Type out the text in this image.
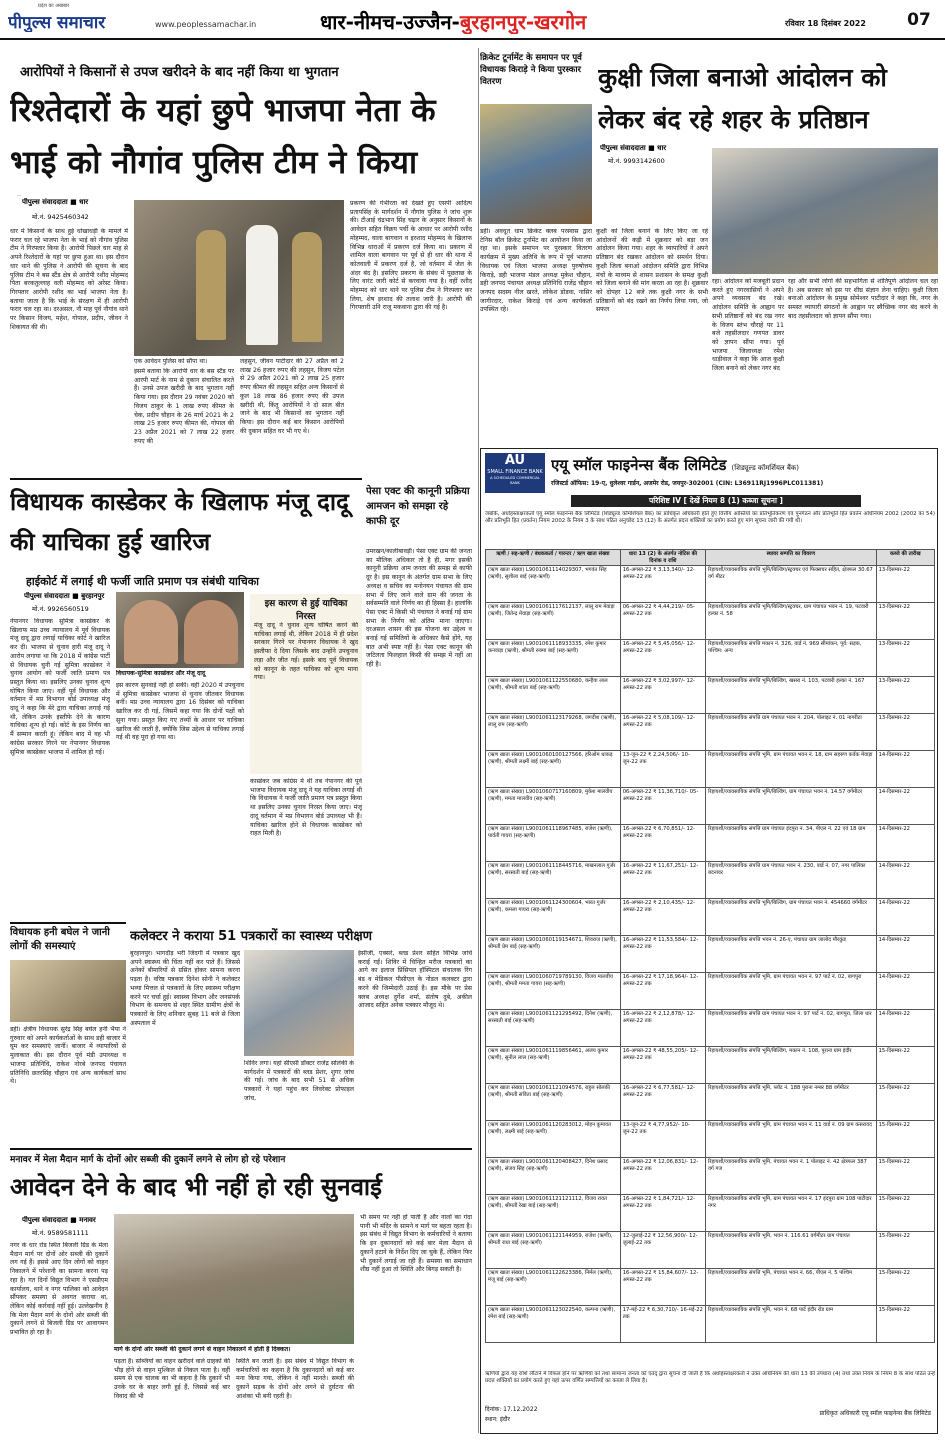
प्रदेश का अखबार
पीपुल्स समाचार	www.peoplessamachar.in	धार-नीमच-उज्जैन-बुरहानपुर-खरगोन	रविवार 18 दिसंबर 2022	07
आरोपियों ने किसानों से उपज खरीदने के बाद नहीं किया था भुगतान
रिश्तेदारों के यहां छुपे भाजपा नेता के भाई को नौगांव पुलिस टीम ने किया
पीपुल्स संवाददाता ■ धार
मो.नं. 9425460342
धार में किसानों के साथ हुई धोखाधड़ी के मामले में फरार चल रहे भाजपा नेता के भाई को नौगांव पुलिस टीम ने गिरफ्तार किया है। आरोपी पिछले चार माह से अपने रिश्तेदारों के यहां पर छुपा हुआ था। इस दौरान धार थाने की पुलिस ने आरोपी की सूचना के बाद पुलिस टीम ने बस स्टैंड क्षेत्र से आरोपी रशीद मोहम्मद पिता बरकतुल्लाह वली मोहम्मद को अरेस्ट किया। गिरफ्तार आरोपी रशीद का भाई भाजपा नेता है। बताया जाता है कि भाई के संरक्षण में ही आरोपी फरार चल रहा था। दरअसल, नौ माह पूर्व नौगांव थाने पर किसान विजय, महेश, गोपाल, प्रदीप, जीवन ने शिकायत की थी।
एक आवेदन पुलिस को सौंपा था।
इसमें बताया कि आरोपी धार के बस स्टैंड पर आरपी मार्ट के नाम से दुकान संचालित करते हैं। उनसे उपज खरीदी के बाद भुगतान नहीं किया गया। इस दौरान 29 नवंबर 2020 को विजय ठाकुर के 1 लाख रुपए कीमत के चेक, प्रदीप चौहान के 26 मार्च 2021 के 2 लाख 25 हजार रुपए कीमत की, गोपाल की 23 अप्रैल 2021 को 7 लाख 22 हजार रुपए की
लहसुन, जीवन पाटीदार की 27 अप्रैल को 2 लाख 26 हजार रुपए की लहसुन, विजय पटेल से 29 अप्रैल 2021 को 2 लाख 25 हजार रुपए कीमत की लहसुन सहित अन्य किसानों से कुल 18 लाख 86 हजार रुपए की उपज खरीदी थी, किंतु आरोपियों ने दो साल बीत जाने के बाद भी किसानों का भुगतान नहीं किया। इस दौरान कई बार किसान आरोपियों की दुकान सहित घर भी गए थे।
प्रकरण की गंभीरता को देखते हुए एसपी आदित्य प्रतापसिंह के मार्गदर्शन में नौगांव पुलिस ने जांच शुरू की। टीआई चंद्रभान सिंह चढ़ार के अनुसार किसानों के आवेदन सहित विक्रय पर्ची के आधार पर आरोपी रशीद मोहम्मद, वाला बागवान व इरशाद मोहम्मद के खिलाफ विभिन्न धाराओं में प्रकरण दर्ज किया था। प्रकरण में शामिल वाला बागवान पर पूर्व से ही धार की थाना में कोतवाली में प्रकरण दर्ज है, जो वर्तमान में जेल के अंदर बंद है। इसलिए प्रकरण के संबंध में पूछताछ के लिए वारंट जारी कोर्ट से करवाया गया है। वहीं रशीद मोहम्मद को धार थाने पर पुलिस टीम ने गिरफ्तार कर लिया, शेष इरशाद की तलाश जारी है। आरोपी की गिरफ्तारी उनि राजू मकवाना द्वारा की गई है।
क्रिकेट टूर्नामेंट के समापन पर पूर्व विधायक किराड़े ने किया पुरस्कार वितरण	कुक्षी जिला बनाओ आंदोलन को लेकर बंद रहे शहर के प्रतिष्ठान
पीपुल्स संवाददाता ■ धार
मो.नं. 9993142600
डही। अवधूत धाम क्रिकेट क्लब परस्वास द्वारा टेनिस बॉल क्रिकेट टूर्नामेंट का आयोजन किया जा रहा था। इसके समापन पर पुरस्कार वितरण कार्यक्रम में मुख्य अतिथि के रूप में पूर्व भाजपा विधायक एवं जिला भाजपा अध्यक्ष पुरुषोत्तम किराड़े, डही भाजपा मंडल अध्यक्ष मुकेश चौहान, डही जनपद पंचायत अध्यक्ष प्रतिनिधि राजेंद्र चौहान जनपद सदस्य नील खरते, लोकेश डोडवा, नासिर जागीरदार, राकेश किराड़े एवं अन्य कार्यकर्ता उपस्थित रहे।
कुक्षी को जिला बनाने के लिए किए जा रहे आंदोलनों की कड़ी में शुक्रवार को बड़ा जन आंदोलन किया गया। शहर के व्यापारियों ने अपने प्रतिष्ठान बंद रखकर आंदोलन को समर्थन दिया। कुक्षी जिला बनाओ आंदोलन समिति द्वारा विभिन्न मंचों के माध्यम से शासन प्रशासन के समक्ष कुक्षी को जिला बनाने की मांग करता आ रहा है। शुक्रवार को दोपहर 12 बजे तक कुक्षी नगर के सभी प्रतिष्ठानों को बंद रखने का निर्णय लिया गया, जो सफल
रहा। आंदोलन को मजबूती प्रदान करते हुए नगरवासियों ने अपने अपने व्यवसाय बंद रखे। आंदोलन समिति के आह्वान पर सभी प्रतिष्ठानों को बंद रख नगर के विजय स्तंभ चौराहे पर 11 बजे तहसीलदार गणपत डावर को ज्ञापन सौंपा गया। पूर्व भाजपा जिलाध्यक्ष रमेश धाड़ीवाल ने कहा कि आज कुक्षी जिला बनाने को लेकर नगर बंद
रहा और सभी लोगों की सहभागिता से शांतिपूर्ण आंदोलन चल रहा है। अब सरकार को इस पर शीघ्र संज्ञान लेना चाहिए। कुक्षी जिला बनाओ आंदोलन के प्रमुख सोमेश्वर पाटीदार ने कहा कि, नगर के समस्त व्यापारी संगठनों के आह्वान पर स्वैच्छिक नगर बंद करने के बाद तहसीलदार को ज्ञापन सौंपा गया।
AU
SMALL FINANCE BANK
A SCHEDULED COMMERCIAL BANK
एयू स्मॉल फाइनेन्स बैंक लिमिटेड (शिड्यूल्ड कॉमर्शियल बैंक)
रजिस्टर्ड ऑफिस: 19-ए, धुलेश्वर गार्डन, अजमेर रोड, जयपुर-302001 (CIN: L36911RJ1996PLC011381)
परिशिष्ट IV [ देखें नियम 8 (1) कब्जा सूचना ]
जबकि, अधोहस्ताक्षरकर्ता एयू स्मॉल फाइनेन्स बैंक लिमिटेड (शिड्यूल्ड कॉमर्शियल बैंक) का प्राधिकृत अधिकारी होते हुए वित्तीय आस्तियों का प्रतिभूतिकरण एवं पुनर्गठन और प्रतिभूति हित प्रवर्तन अधिनियम 2002 (2002 का 54) और प्रतिभूति हित (प्रवर्तन) नियम 2002 के नियम 3 के साथ पठित अनुच्छेद 13 (12) के अंतर्गत प्रदत्त शक्तियों का प्रयोग करते हुए मांग सूचना जारी की गयी थी।
ऋणी / सह-ऋणी / बंधककर्ता / गारन्टर / ऋण खाता संख्या	धारा 13 (2) के अंतर्गत नोटिस की दिनांक व राशि	स्थावर सम्पत्ति का विवरण	कब्जे की तारीख
(ऋण खाता संख्या) L9001061114029307, भगवंत सिंह (ऋणी), सुशीला बाई (सह-ऋणी)	16-अगस्त-22 ₹ 3,13,340/- 12-अगस्त-22 तक	रिहायशी/व्यावसायिक संपत्ति भूमि/बिल्डिंग/स्ट्रक्चर एवं फिक्सचर सहित, क्षेत्रफल 30.67 वर्ग मीटर	13-दिसम्बर-22
(ऋण खाता संख्या) L9001061117612137, लालू राम मेवाड़ा (ऋणी), जितेन्द्र मेवाड़ा (सह-ऋणी)	06-अगस्त-22 ₹ 4,44,219/- 05-अगस्त-22 तक	रिहायशी/व्यावसायिक संपत्ति भूमि/बिल्डिंग/स्ट्रक्चर, ग्राम पंचायत भवन नं. 19, पटवारी हल्का नं. 58	13-दिसम्बर-22
(ऋण खाता संख्या) L9001061118933335, रमेश कुमार कनवाड़ा (ऋणी), श्रीमती रुक्मा बाई (सह-ऋणी)	16-अगस्त-22 ₹ 5,45,056/- 12-अगस्त-22 तक	रिहायशी/व्यावसायिक संपत्ति मकान नं. 326, वार्ड नं. 969 सीमांकन, पूर्व: सड़क, पश्चिम: अन्य	13-दिसम्बर-22
(ऋण खाता संख्या) L9001061122550680, कन्हैया लाल (ऋणी), श्रीमती शांता बाई (सह-ऋणी)	16-अगस्त-22 ₹ 3,02,997/- 12-अगस्त-22 तक	रिहायशी/व्यावसायिक संपत्ति भूमि/बिल्डिंग, खसरा नं. 103, पटवारी हल्का नं. 167	13-दिसम्बर-22
(ऋण खाता संख्या) L9001061123179268, जगदीश (ऋणी), लालू राम (सह-ऋणी)	16-अगस्त-22 ₹ 5,08,109/- 12-अगस्त-22 तक	रिहायशी/व्यावसायिक संपत्ति ग्राम पंचायत भवन नं. 204, पोलाइट नं. 01 नागरीटा	13-दिसम्बर-22
(ऋण खाता संख्या) L9001060100127566, हरिओम धाकड़ (ऋणी), श्रीमती लक्ष्मी बाई (सह-ऋणी)	13-जून-22 ₹ 2,24,506/- 10-जून-22 तक	रिहायशी/व्यावसायिक संपत्ति भूमि, ग्राम पंचायत भवन नं. 18, ग्राम सहरुण कर्वक मेवाड़ा	14-दिसम्बर-22
(ऋण खाता संख्या) L9001060717160809, मुकेश मालवीय (ऋणी), ममता मालवीय (सह-ऋणी)	06-अगस्त-22 ₹ 11,36,710/- 05-अगस्त-22 तक	रिहायशी/व्यावसायिक संपत्ति भूमि/बिल्डिंग, ग्राम पंचायत भवन नं. 14.57 वर्गमीटर	14-दिसम्बर-22
(ऋण खाता संख्या) L9001061118967485, राजेश (ऋणी), पार्वती गायरा (सह-ऋणी)	16-अगस्त-22 ₹ 6,70,851/- 12-अगस्त-22 तक	रिहायशी/व्यावसायिक संपत्ति ग्राम पंचायत इंदपुरा नं. 34, पीएल नं. 22 एवं 18 ग्राम	14-दिसम्बर-22
(ऋण खाता संख्या) L9001061118445716, माखनलाल गुर्जर (ऋणी), सरस्वती बाई (सह-ऋणी)	16-अगस्त-22 ₹ 11,67,251/- 12-अगस्त-22 तक	रिहायशी/व्यावसायिक संपत्ति ग्राम पंचायत भवन नं. 230, वार्ड नं. 07, नगर पालिका बदनावर	14-दिसम्बर-22
(ऋण खाता संख्या) L9001061124300604, भारत गुर्जर (ऋणी), कमला गायरा (सह-ऋणी)	16-अगस्त-22 ₹ 2,10,435/- 12-अगस्त-22 तक	रिहायशी/व्यावसायिक संपत्ति भूमि/बिल्डिंग, ग्राम पंचायत भवन नं. 454660 वर्गमीटर	14-दिसम्बर-22
(ऋण खाता संख्या) L9001060119154671, शिवराज (ऋणी), श्रीमती प्रेम बाई (सह-ऋणी)	16-अगस्त-22 ₹ 11,53,584/- 12-अगस्त-22 तक	रिहायशी/व्यावसायिक संपत्ति भवन नं. 26-ए, पंचायत ग्राम जालोद मौरकुंड	14-दिसम्बर-22
(ऋण खाता संख्या) L9001060719789130, विजय मालवीय (ऋणी), श्रीमती ममता गायरा (सह-ऋणी)	16-अगस्त-22 ₹ 17,18,964/- 12-अगस्त-22 तक	रिहायशी/व्यावसायिक संपत्ति भूमि, ग्राम पंचायत भवन नं. 97 पार्ट नं. 02, बागपुरा	14-दिसम्बर-22
(ऋण खाता संख्या) L9001061121295492, दिनेश (ऋणी), सरस्वती बाई (सह-ऋणी)	16-अगस्त-22 ₹ 2,12,878/- 12-अगस्त-22 तक	रिहायशी/व्यावसायिक संपत्ति ग्राम पंचायत भवन नं. 97 पार्ट नं. 02, बागपुरा, जिला धार	14-दिसम्बर-22
(ऋण खाता संख्या) L9001061119856461, अजय कुमार (ऋणी), सुनील लाल (सह-ऋणी)	16-अगस्त-22 ₹ 48,55,205/- 12-अगस्त-22 तक	रिहायशी/व्यावसायिक संपत्ति भूमि/बिल्डिंग, मकान नं. 108, पुराना ग्राम इंदौर	15-दिसम्बर-22
(ऋण खाता संख्या) L9001061121094576, राहुल सोलंकी (ऋणी), श्रीमती सविता बाई (सह-ऋणी)	16-अगस्त-22 ₹ 6,77,581/- 12-अगस्त-22 तक	रिहायशी/व्यावसायिक संपत्ति भूमि, प्लॉट नं. 188 पुराना नम्बर 88 वर्गमीटर	15-दिसम्बर-22
(ऋण खाता संख्या) L9001061120283012, मोहन कुमावत (ऋणी), लक्ष्मी बाई (सह-ऋणी)	13-जून-22 ₹ 4,77,952/- 10-जून-22 तक	रिहायशी/व्यावसायिक संपत्ति भूमि, ग्राम पंचायत भवन नं. 11 वार्ड नं. 09 ग्राम कसरावद	15-दिसम्बर-22
(ऋण खाता संख्या) L9001061120408427, दिनेश प्रसाद (ऋणी), संजय सिंह (सह-ऋणी)	16-अगस्त-22 ₹ 12,06,831/- 12-अगस्त-22 तक	रिहायशी/व्यावसायिक संपत्ति भूमि, पंचायत भवन नं. 1 पोलाइट नं. 42 क्षेत्रफल 387 वर्ग गज	15-दिसम्बर-22
(ऋण खाता संख्या) L9001061121121112, विजय रावत (ऋणी), श्रीमती रेखा बाई (सह-ऋणी)	16-अगस्त-22 ₹ 1,84,721/- 12-अगस्त-22 तक	रिहायशी/व्यावसायिक संपत्ति भूमि, ग्राम पंचायत भवन नं. 17 इंदपुरा ग्राम 108 पाटीदार नगर	15-दिसम्बर-22
(ऋण खाता संख्या) L9001061121144959, राजेश (ऋणी), श्रीमती राधा बाई (सह-ऋणी)	12-जुलाई-22 ₹ 12,56,900/- 12-जुलाई-22 तक	रिहायशी/व्यावसायिक संपत्ति भूमि, भवन नं. 116.61 वर्गमीटर ग्राम पंचायत	15-दिसम्बर-22
(ऋण खाता संख्या) L9001061122623386, निर्मल (ऋणी), मंजू बाई (सह-ऋणी)	16-अगस्त-22 ₹ 15,84,607/- 12-अगस्त-22 तक	रिहायशी/व्यावसायिक संपत्ति भूमि, पंचायत भवन नं. 66, पीएल नं. 5 पश्चिम	15-दिसम्बर-22
(ऋण खाता संख्या) L9001061123022540, कल्पना (ऋणी), रमेश बाई (सह-ऋणी)	17-मई-22 ₹ 6,30,710/- 16-मई-22 तक	रिहायशी/व्यावसायिक संपत्ति भूमि, भवन नं. 68 पार्ट इंदौर रोड ग्राम	15-दिसम्बर-22
ऋणियों द्वारा यह राशि लौटाने में विफल होने पर ऋणियों को तथा सामान्य जनता को एतद् द्वारा सूचना दी जाती है कि अधोहस्ताक्षरकर्ता ने उक्त अधिनियम की धारा 13 की उपधारा (4) तथा उक्त नियम के नियम 8 के साथ पठित उन्हें प्रदत्त शक्तियों का प्रयोग करते हुए यहां ऊपर वर्णित सम्पत्तियों का कब्जा ले लिया है।
स्थान: इंदौर
दिनांक: 17.12.2022
प्राधिकृत अधिकारी एयू स्मॉल फाइनेन्स बैंक लिमिटेड
विधायक कास्डेकर के खिलाफ मंजू दादू की याचिका हुई खारिज
हाईकोर्ट में लगाई थी फर्जी जाति प्रमाण पत्र संबंधी याचिका
पीपुल्स संवाददाता ■ बुरहानपुर
मो.नं. 9926560519
नेपानगर विधायक सुमित्रा कास्डेकर के खिलाफ मप्र उच्च न्यायालय में पूर्व विधायक मंजू दादू द्वारा लगाई याचिका कोर्ट ने खारिज कर दी। भाजपा से चुनाव हारी मंजू दादू ने आरोप लगाया था कि 2018 में कांग्रेस पार्टी से विधायक चुनी गई सुमित्रा कास्डेकर ने चुनाव आयोग को फर्जी जाति प्रमाण पत्र प्रस्तुत किया था। इसलिए उनका चुनाव शून्य घोषित किया जाए। वहीं पूर्व विधायक और वर्तमान में मप्र विभागन बोर्ड उपाध्यक्ष मंजू दादू ने कहा कि मेरे द्वारा याचिका लगाई गई थी, लेकिन उनके इस्तीफे देने के कारण याचिका शून्य हो गई। कोर्ट के इस निर्णय का मैं सम्मान करती हूं। लेकिन बाद में वह भी कांग्रेस सरकार गिरने पर नेपानगर विधायक सुमित्रा कास्डेकर भाजपा में शामिल हो गई।
विधायक-सुमित्रा कास्डेकर और मंजू दादू
इस कारण सुनवाई नहीं हो सकी। वहीं 2020 में उपचुनाव में सुमित्रा कास्डेकर भाजपा से चुनाव जीतकर विधायक बनीं। मप्र उच्च न्यायालय द्वारा 16 दिसंबर को याचिका खारिज कर दी गई, जिसमें कहा गया कि दोनों पक्षों को सुना गया। प्रस्तुत किए गए तथ्यों के आधार पर याचिका खारिज की जाती है, क्योंकि जिस उद्देश्य से याचिका लगाई गई थी वह पूरा हो गया था।
इस कारण से हुई याचिका निरस्त
मंजू दादू ने चुनाव शून्य घोषित करने की याचिका लगाई थी, लेकिन 2018 में ही प्रदेश सरकार गिरने पर नेपानगर विधायक ने खुद इस्तीफा दे दिया जिसके बाद उन्होंने उपचुनाव लड़ा और जीत गई। इसके बाद पूर्व विधायक को कानून के तहत याचिका को शून्य माना गया।
कास्डेकर जब कांग्रेस में थी तब नेपानगर की पूर्व भाजपा विधायक मंजू दादू ने यह याचिका लगाई थी कि विधायक ने फर्जी जाति प्रमाण पत्र प्रस्तुत किया था इसलिए उनका चुनाव निरस्त किया जाए। मंजू दादू वर्तमान में मप्र विभागन बोर्ड उपाध्यक्ष भी हैं। याचिका खारिज होने से विधायक कास्डेकर को राहत मिली है।
पेसा एक्ट की कानूनी प्रक्रिया आमजन को समझा रहे काफी दूर
उमरखन/कालीबावड़ी। पेसा एक्ट ग्राम की जनता का मौलिक अधिकार तो है ही, मगर इसकी कानूनी प्रक्रिया आम जनता की समझ से काफी दूर है। इस कानून के अंतर्गत ग्राम सभा के लिए अध्यक्ष व सचिव का मनोनयन पंचायत की ग्राम सभा में लिए जाने वाले ग्राम की जनता के सर्वसम्मति वाले निर्णय का ही हिस्सा है। हालांकि पेसा एक्ट में किसी भी पंचायत ने बनाई गई ग्राम सभा के निर्णय को अंतिम माना जाएगा। दरअसल शासन की इस योजना का उद्देश्य व बनाई गई समितियों के अधिकार कैसे होंगे, यह बात अभी स्पष्ट नहीं है। पेसा एक्ट कानून की जटिलता फिलहाल किसी की समझ में नहीं आ रही है।
विधायक हनी बघेल ने जानी लोगों की समस्याएं
डही। क्षेत्रीय विधायक सुरेंद्र सिंह बघेल हनी भैया ने गुरुवार को अपने कार्यकर्ताओं के साथ डही बाजार में घूम कर समस्याएं जानीं। बाजार में व्यापारियों से मुलाकात की। इस दौरान पूर्व मंडी उपाध्यक्ष व भाजपा प्रतिनिधि, राकेश नोरबे जनपद पंचायत प्रतिनिधि छतरसिंह चौहान एवं अन्य कार्यकर्ता साथ थे।
कलेक्टर ने कराया 51 पत्रकारों का स्वास्थ्य परीक्षण
बुरहानपुर। भागदौड़ भरी जिंदगी में पत्रकार खुद अपने स्वास्थ्य की चिंता नहीं कर पाते हैं। जिससे अनेकों बीमारियों से ग्रसित होकर सामना करना पड़ता है। वरिष्ठ पत्रकार दिनेश सोनी ने कलेक्टर भव्या मित्तल से पत्रकारों के लिए स्वास्थ्य परीक्षण करने पर चर्चा हुई। स्वास्थ्य विभाग और जनसंपर्क विभाग के समन्वय से शहर स्थित ग्रामीण क्षेत्रों के पत्रकारों के लिए शनिवार सुबह 11 बजे से जिला अस्पताल में
शिविर लगा। यहां सीएसी डॉक्टर राजेंद्र सोलंकी के मार्गदर्शन में पत्रकारों की ब्लड प्रेशर, शुगर जांच की गई। जांच के बाद सभी 51 से अधिक पत्रकारों ने यहां पहुंच कर लिवरेक्ट प्रोफाइल जांच,
ईसीजी, एक्सरे, ब्लड प्रेशर सहित विभिन्न जांचें कराई गईं। शिविर में चिन्हित मरीज पत्रकारों का आगे का इलाज प्रिंसिपल हॉस्पिटल संचालक रिंग बंड व मेडिकल पीसीएल के नोडल कलक्टर द्वारा करने की जिम्मेदारी उठाई है। इस मौके पर प्रेस क्लब अध्यक्ष दुर्गेश शर्मा, संतोष दुबे, अकील आजाद सहित अनेक पत्रकार मौजूद थे।
मनावर में मेला मैदान मार्ग के दोनों ओर सब्जी की दुकानें लगने से लोग हो रहे परेशान
आवेदन देने के बाद भी नहीं हो रही सुनवाई
पीपुल्स संवाददाता ■ मनावर
मो.नं. 9589581111
नगर के धार रोड स्थित बिजली ग्रिड के मेला मैदान मार्ग पर दोनों ओर सब्जी की दुकानें लग गई हैं। इससे आए दिन लोगों को वाहन निकालने में परेशानी का सामना करना पड़ रहा है। गत दिनों विद्युत विभाग ने एसडीएम कार्यालय, थाने व नगर पालिका को आवेदन सौंपकर समस्या से अवगत कराया था, लेकिन कोई कार्रवाई नहीं हुई। उल्लेखनीय है कि मेला मैदान मार्ग के दोनों ओर सब्जी की दुकानें लगने से बिजली ग्रिड पर आवागमन प्रभावित हो रहा है।
मार्ग के दोनों ओर सब्जी की दुकानें लगने से वाहन निकालने में होती है दिक्कत।
पड़ता है। सब्जियों का वाहन खरीदने वाले ग्राहकों की भीड़ होने से वाहन मुश्किल से निकल पाता है। वहीं समय से एक चालक का भी कहना है कि दुकानें भी उनके घर के बाहर लगी हुई हैं, जिससे कई बार विवाद की भी
स्थिति बन जाती है। इस संबंध में विद्युत विभाग के कर्मचारियों का कहना है कि दुकानदारों को कई बार मना किया गया, लेकिन वे नहीं मानते। सब्जी की दुकानें सड़क के दोनों ओर लगने से दुर्घटना की आशंका भी बनी रहती है।
भी समय पर नहीं हो पाती है और नालों का गंदा पानी भी मंदिर के सामने व मार्ग पर बहता रहता है। इस संबंध में विद्युत विभाग के कर्मचारियों ने बताया कि इन दुकानदारों को कई बार मेला मैदान से दुकानें हटाने के निर्देश दिए जा चुके हैं, लेकिन फिर भी दुकानें लगाई जा रही हैं। समस्या का समाधान शीघ्र नहीं हुआ तो स्थिति और बिगड़ सकती है।
